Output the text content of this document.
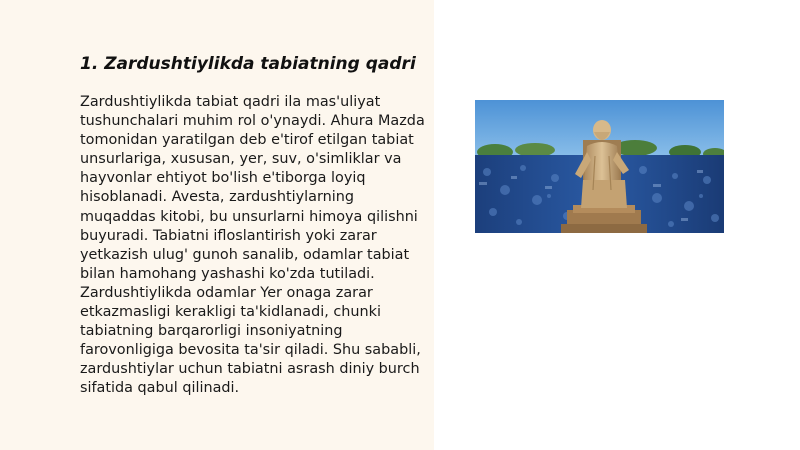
1. Zardushtiylikda tabiatning qadri

Zardushtiylikda tabiat qadri ila mas'uliyat tushunchalari muhim rol o'ynaydi. Ahura Mazda tomonidan yaratilgan deb e'tirof etilgan tabiat unsurlariga, xususan, yer, suv, o'simliklar va hayvonlar ehtiyot bo'lish e'tiborga loyiq hisoblanadi. Avesta, zardushtiylarning muqaddas kitobi, bu unsurlarni himoya qilishni buyuradi. Tabiatni ifloslantirish yoki zarar yetkazish ulug' gunoh sanalib, odamlar tabiat bilan hamohang yashashi ko'zda tutiladi. Zardushtiylikda odamlar Yer onaga zarar etkazmasligi kerakligi ta'kidlanadi, chunki tabiatning barqarorligi insoniyatning farovonligiga bevosita ta'sir qiladi. Shu sababli, zardushtiylar uchun tabiatni asrash diniy burch sifatida qabul qilinadi.
